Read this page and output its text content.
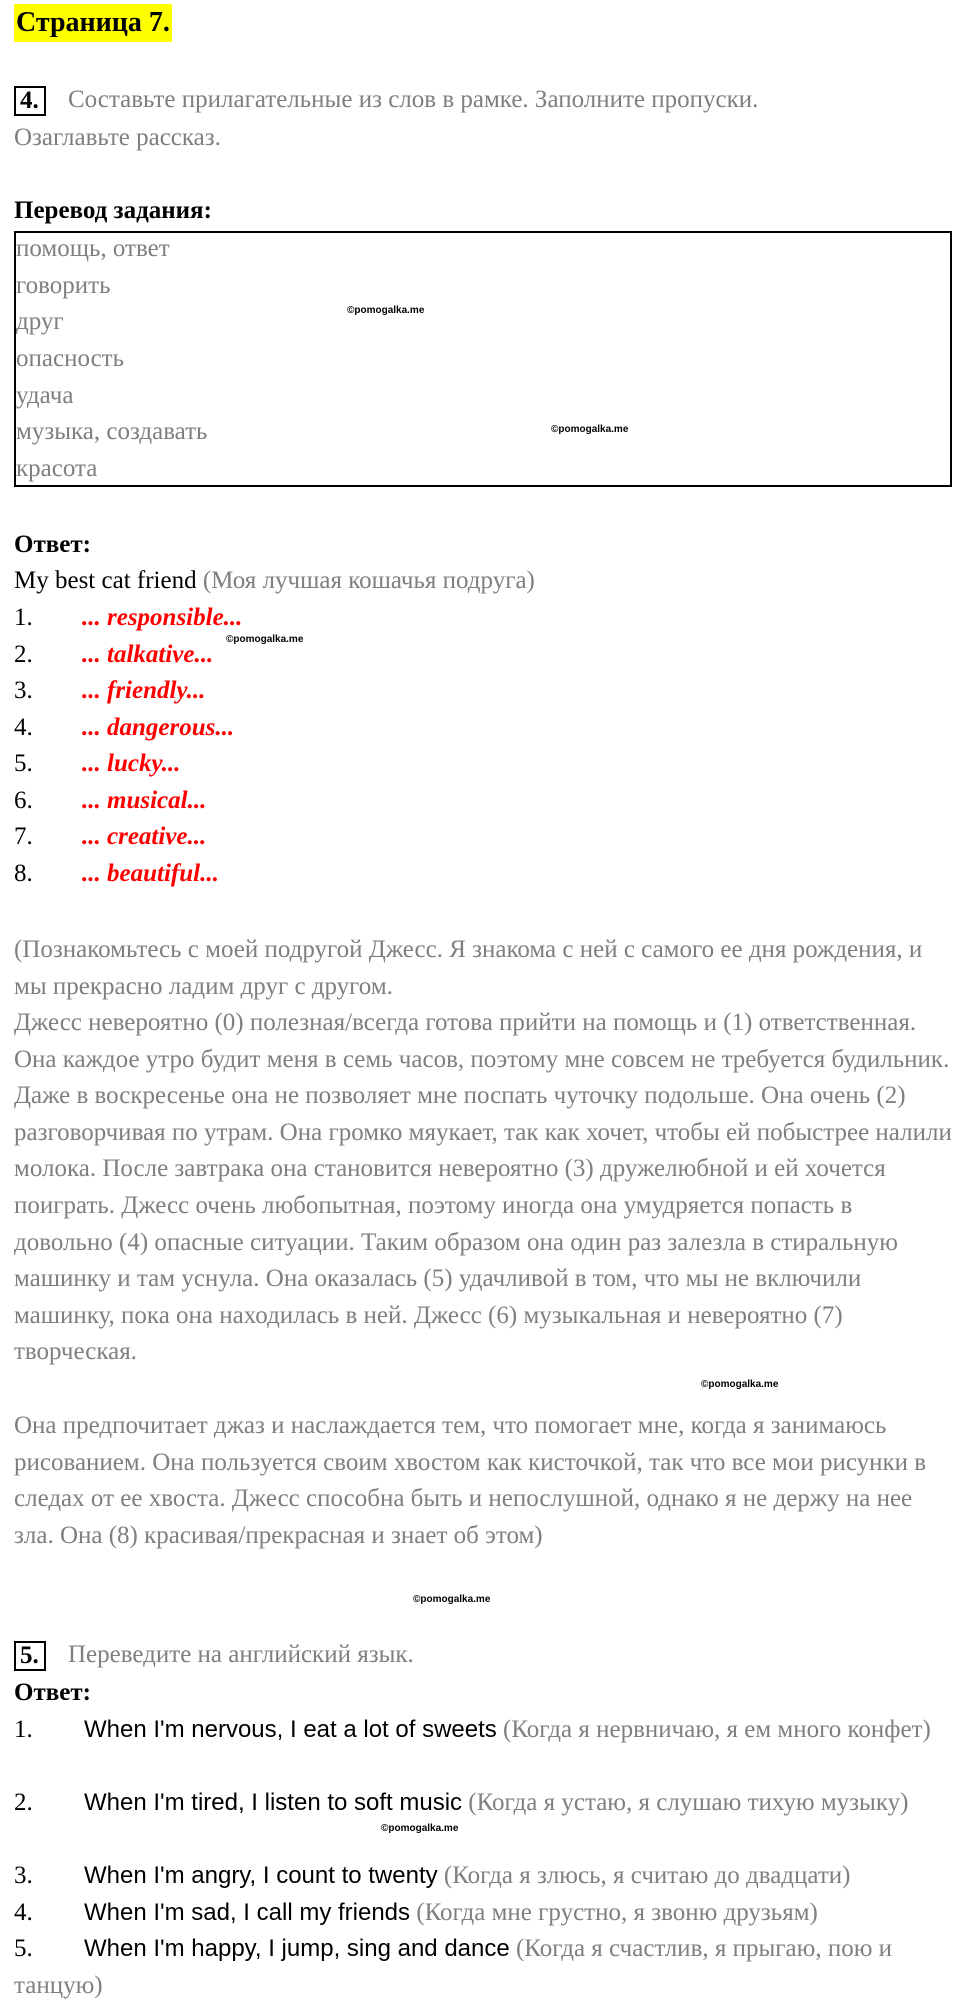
Страница 7.
4. Составьте прилагательные из слов в рамке. Заполните пропуски.
Озаглавьте рассказ.
Перевод задания:
помощь, ответ
говорить
друг
опасность
удача
музыка, создавать
красота
©pomogalka.me
©pomogalka.me
Ответ:
My best cat friend (Моя лучшая кошачья подруга)
1. ... responsible...
©pomogalka.me
2. ... talkative...
3. ... friendly...
4. ... dangerous...
5. ... lucky...
6. ... musical...
7. ... creative...
8. ... beautiful...
(Познакомьтесь с моей подругой Джесс. Я знакома с ней с самого ее дня рождения, и мы прекрасно ладим друг с другом.
Джесс невероятно (0) полезная/всегда готова прийти на помощь и (1) ответственная. Она каждое утро будит меня в семь часов, поэтому мне совсем не требуется будильник. Даже в воскресенье она не позволяет мне поспать чуточку подольше. Она очень (2) разговорчивая по утрам. Она громко мяукает, так как хочет, чтобы ей побыстрее налили молока. После завтрака она становится невероятно (3) дружелюбной и ей хочется поиграть. Джесс очень любопытная, поэтому иногда она умудряется попасть в довольно (4) опасные ситуации. Таким образом она один раз залезла в стиральную машинку и там уснула. Она оказалась (5) удачливой в том, что мы не включили машинку, пока она находилась в ней. Джесс (6) музыкальная и невероятно (7) творческая.
©pomogalka.me
Она предпочитает джаз и наслаждается тем, что помогает мне, когда я занимаюсь рисованием. Она пользуется своим хвостом как кисточкой, так что все мои рисунки в следах от ее хвоста. Джесс способна быть и непослушной, однако я не держу на нее зла. Она (8) красивая/прекрасная и знает об этом)
©pomogalka.me
5. Переведите на английский язык.
Ответ:
1.	When I'm nervous, I eat a lot of sweets (Когда я нервничаю, я ем много конфет)

2.	When I'm tired, I listen to soft music (Когда я устаю, я слушаю тихую музыку)

©pomogalka.me
3.	When I'm angry, I count to twenty (Когда я злюсь, я считаю до двадцати)

4.	When I'm sad, I call my friends (Когда мне грустно, я звоню друзьям)

5.	When I'm happy, I jump, sing and dance (Когда я счастлив, я прыгаю, пою и танцую)
